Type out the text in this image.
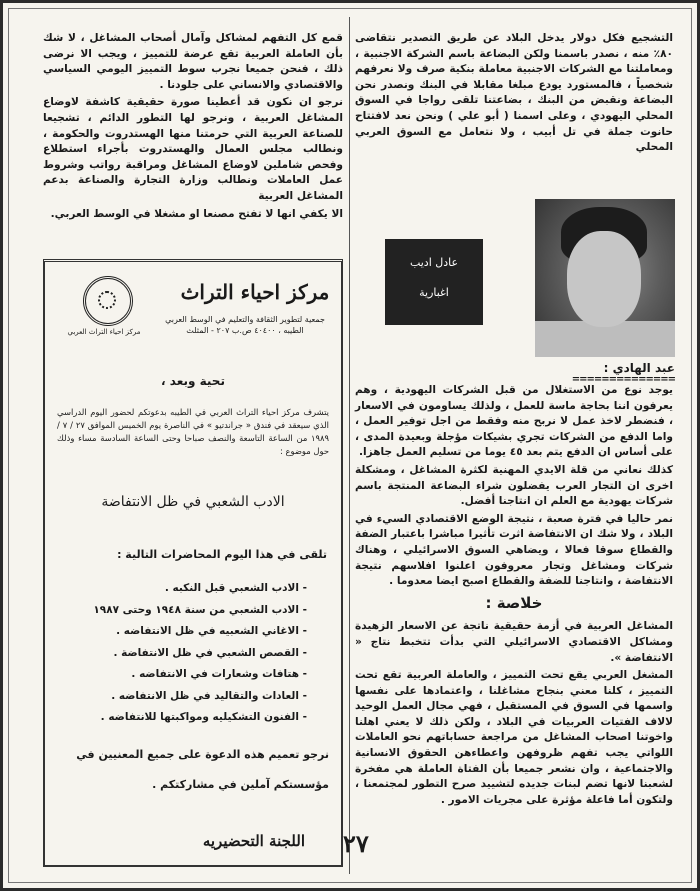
التشجيع فكل دولار يدخل البلاد عن طريق التصدير نتقاضى ٨٠٪ منه ، نصدر باسمنا ولكن البضاعة باسم الشركة الاجنبية ، ومعاملتنا مع الشركات الاجنبية معاملة بنكية صرف ولا نعرفهم شخصياً ، فالمستورد يودع مبلغا مقابلا في البنك ونصدر نحن البضاعة ونقبض من البنك ، بضاعتنا تلقى رواجا في السوق المحلي اليهودي ، وعلى اسمنا ( أبو علي ) ونحن نعد لافتتاح حانوت جملة في تل أبيب ، ولا نتعامل مع السوق العربي المحلي

عادل اديب
اغبارية
عبد الهادي :
==============

يوجد نوع من الاستغلال من قبل الشركات اليهودية ، وهم يعرفون اننا بحاجة ماسة للعمل ، ولذلك يساومون في الاسعار ، فنضطر لاخذ عمل لا نربح منه وفقط من اجل توفير العمل ، واما الدفع من الشركات تجري بشيكات مؤجلة وبعيدة المدى ، على أساس ان الدفع يتم بعد ٤٥ يوما من تسليم العمل جاهزا.

كذلك نعاني من قلة الايدي المهنية لكثرة المشاغل ، ومشكلة اخرى ان التجار العرب يفضلون شراء البضاعة المنتجة باسم شركات يهودية مع العلم ان انتاجنا أفضل.

نمر حاليا في فترة صعبة ، نتيجة الوضع الاقتصادي السيء في البلاد ، ولا شك ان الانتفاضة اثرت تأثيرا مباشرا باعتبار الضفة والقطاع سوقا فعالا ، ويضاهي السوق الاسرائيلي ، وهناك شركات ومشاغل وتجار معروفون اعلنوا افلاسهم نتيجة الانتفاضة ، وانتاجنا للضفة والقطاع اصبح ايضا معدوما .

خلاصة :

المشاغل العربية في أزمة حقيقية ناتجة عن الاسعار الزهيدة ومشاكل الاقتصادي الاسرائيلي التي بدأت تتخبط نتاج « الانتفاضة ».

المشغل العربي يقع تحت التمييز ، والعاملة العربية تقع تحت التمييز ، كلنا معني بنجاح مشاغلنا ، واعتمادها على نفسها واسمها في السوق في المستقبل ، فهي مجال العمل الوحيد لالاف الفتيات العربيات في البلاد ، ولكن ذلك لا يعني اهلنا واخوتنا اصحاب المشاغل من مراجعة حساباتهم نحو العاملات اللواتي يجب تفهم ظروفهن واعطاءهن الحقوق الانسانية والاجتماعية ، وان نشعر جميعا بأن الفتاة العاملة هي مفخرة لشعبنا لانها تضم لبنات جديده لتشييد صرح التطور لمجتمعنا ، ولتكون أما فاعلة مؤثرة على مجريات الامور .

قمع كل التفهم لمشاكل وآمال أصحاب المشاغل ، لا شك بأن العاملة العربية تقع عرضة للتمييز ، ويجب الا نرضى ذلك ، فنحن جميعا نجرب سوط التمييز اليومي السياسي والاقتصادي والانساني على جلودنا .

نرجو ان نكون قد أعطينا صورة حقيقية كاشفة لاوضاع المشاغل العربية ، ونرجو لها التطور الدائم ، تشجيعا للصناعة العربية التي حرمتنا منها الهستدروت والحكومة ، ونطالب مجلس العمال والهستدروت بأجراء استطلاع وفحص شاملين لاوضاع المشاغل ومراقبة رواتب وشروط عمل العاملات ونطالب وزارة التجارة والصناعة بدعم المشاغل العربية

الا يكفي انها لا تفتح مصنعا او مشغلا في الوسط العربي.

مركز احياء التراث العربي
مركز احياء التراث
جمعية لتطوير الثقافة والتعليم في الوسط العربي
الطيبه ، ٤٠٤٠٠ ص.ب ٢٠٧ - المثلث
تحية وبعد ،
يتشرف مركز احياء التراث العربي في الطيبه بدعوتكم لحضور اليوم الدراسي الذي سيعقد في فندق « جراندتيو » في الناصرة يوم الخميس الموافق ٢٧ / ٧ / ١٩٨٩ من الساعة التاسعة والنصف صباحا وحتى الساعة السادسة مساء وذلك حول موضوع :
الادب الشعبي في ظل الانتفاضة
تلقى في هذا اليوم المحاضرات التالية :
- الادب الشعبي قبل النكبه .
- الادب الشعبي من سنة ١٩٤٨ وحتى ١٩٨٧
- الاغاني الشعبيه في ظل الانتفاضه .
- القصص الشعبي في ظل الانتفاضة .
- هتافات وشعارات في الانتفاضه .
- العادات والتقاليد في ظل الانتفاضه .
- الفنون التشكيليه ومواكبتها للانتفاضه .
نرجو تعميم هذه الدعوة على جميع المعنيين في
مؤسستكم آملين في مشاركتكم .
اللجنة التحضيريه ٢٧
